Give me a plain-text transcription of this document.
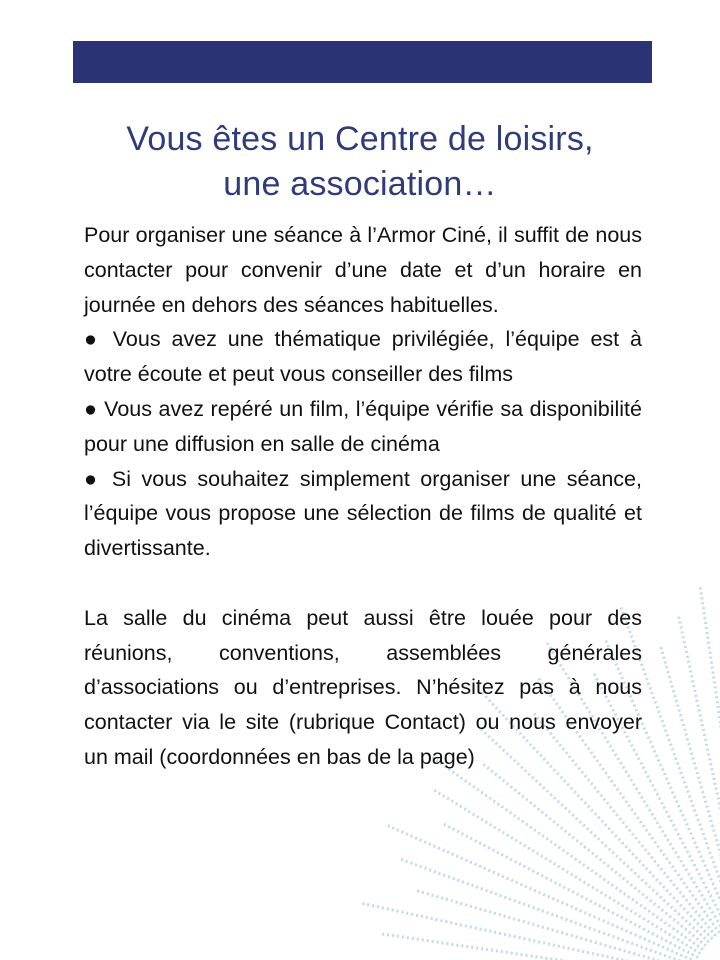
Vous êtes un Centre de loisirs,
une association…

Pour organiser une séance à l’Armor Ciné, il suffit de nous contacter pour convenir d’une date et d’un horaire en journée en dehors des séances habituelles.

● Vous avez une thématique privilégiée, l’équipe est à votre écoute et peut vous conseiller des films

● Vous avez repéré un film, l’équipe vérifie sa disponibilité pour une diffusion en salle de cinéma

● Si vous souhaitez simplement organiser une séance, l’équipe vous propose une sélection de films de qualité et divertissante.

La salle du cinéma peut aussi être louée pour des réunions, conventions, assemblées générales d’associations ou d’entreprises. N’hésitez pas à nous contacter via le site (rubrique Contact) ou nous envoyer un mail (coordonnées en bas de la page)
